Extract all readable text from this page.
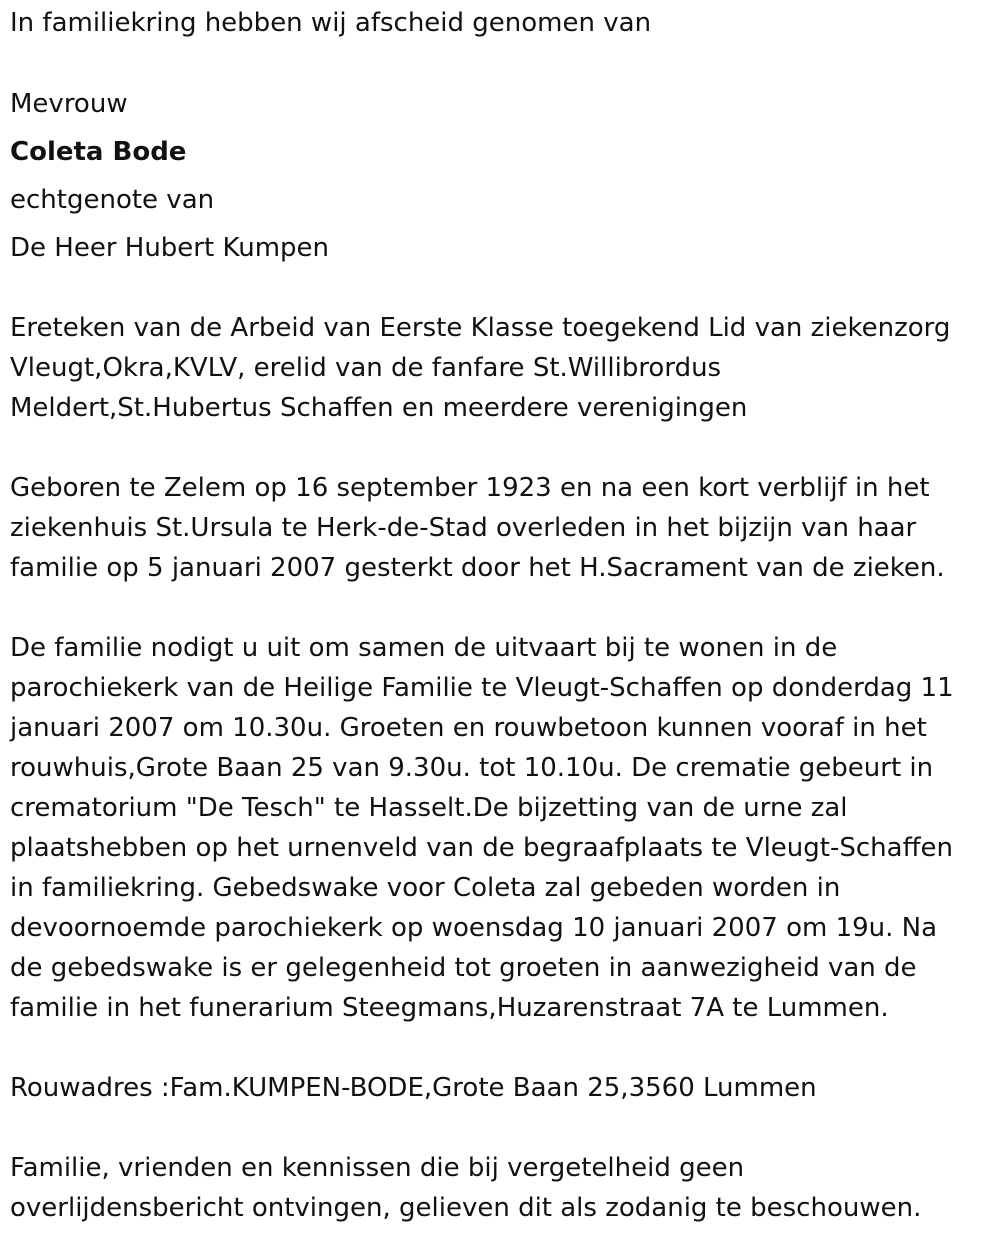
In familiekring hebben wij afscheid genomen van

Mevrouw

Coleta Bode

echtgenote van

De Heer Hubert Kumpen

Ereteken van de Arbeid van Eerste Klasse toegekend Lid van ziekenzorg

Vleugt,Okra,KVLV, erelid van de fanfare St.Willibrordus

Meldert,St.Hubertus Schaffen en meerdere verenigingen

Geboren te Zelem op 16 september 1923 en na een kort verblijf in het

ziekenhuis St.Ursula te Herk-de-Stad overleden in het bijzijn van haar

familie op 5 januari 2007 gesterkt door het H.Sacrament van de zieken.

De familie nodigt u uit om samen de uitvaart bij te wonen in de

parochiekerk van de Heilige Familie te Vleugt-Schaffen op donderdag 11

januari 2007 om 10.30u. Groeten en rouwbetoon kunnen vooraf in het

rouwhuis,Grote Baan 25 van 9.30u. tot 10.10u. De crematie gebeurt in

crematorium "De Tesch" te Hasselt.De bijzetting van de urne zal

plaatshebben op het urnenveld van de begraafplaats te Vleugt-Schaffen

in familiekring. Gebedswake voor Coleta zal gebeden worden in

devoornoemde parochiekerk op woensdag 10 januari 2007 om 19u. Na

de gebedswake is er gelegenheid tot groeten in aanwezigheid van de

familie in het funerarium Steegmans,Huzarenstraat 7A te Lummen.

Rouwadres :Fam.KUMPEN-BODE,Grote Baan 25,3560 Lummen

Familie, vrienden en kennissen die bij vergetelheid geen

overlijdensbericht ontvingen, gelieven dit als zodanig te beschouwen.
